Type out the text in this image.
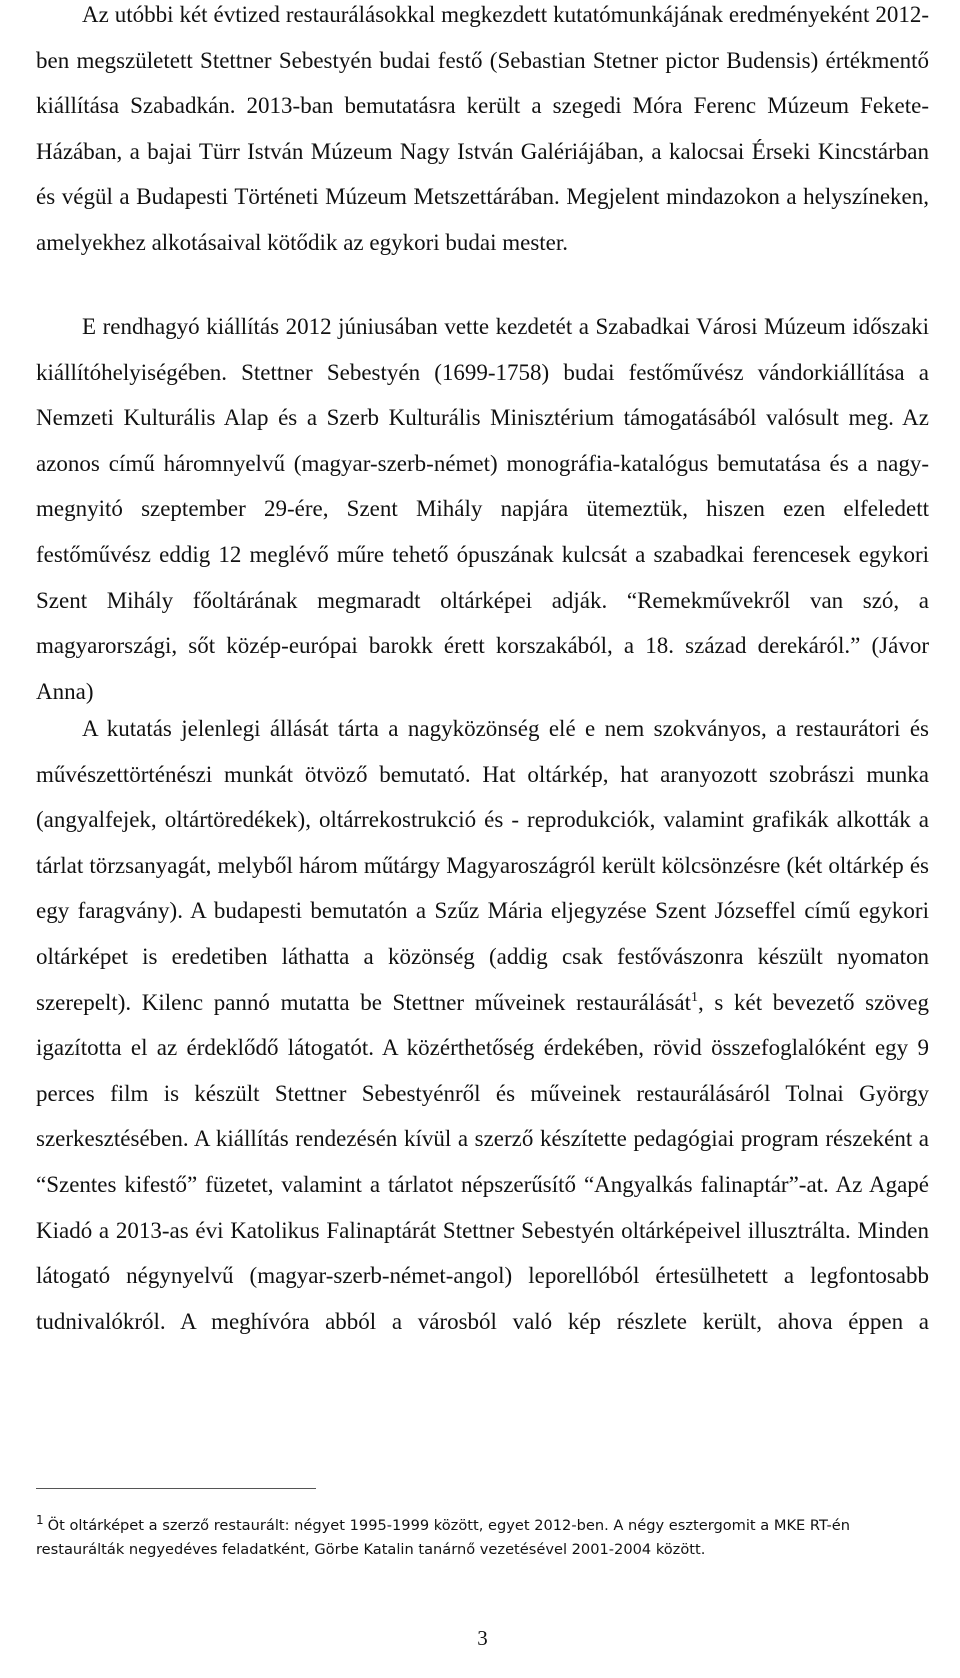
Az utóbbi két évtized restaurálásokkal megkezdett kutatómunkájának eredményeként 2012-ben megszületett Stettner Sebestyén budai festő (Sebastian Stetner pictor Budensis) értékmentő kiállítása Szabadkán. 2013-ban bemutatásra került a szegedi Móra Ferenc Múzeum Fekete-Házában, a bajai Türr István Múzeum Nagy István Galériájában, a kalocsai Érseki Kincstárban és végül a Budapesti Történeti Múzeum Metszettárában. Megjelent mindazokon a helyszíneken, amelyekhez alkotásaival kötődik az egykori budai mester.

E rendhagyó kiállítás 2012 júniusában vette kezdetét a Szabadkai Városi Múzeum időszaki kiállítóhelyiségében. Stettner Sebestyén (1699-1758) budai festőművész vándorkiállítása a Nemzeti Kulturális Alap és a Szerb Kulturális Minisztérium támogatásából valósult meg. Az azonos című háromnyelvű (magyar-szerb-német) monográfia-katalógus bemutatása és a nagy-megnyitó szeptember 29-ére, Szent Mihály napjára ütemeztük, hiszen ezen elfeledett festőművész eddig 12 meglévő műre tehető ópuszának kulcsát a szabadkai ferencesek egykori Szent Mihály főoltárának megmaradt oltárképei adják. “Remekművekről van szó, a magyarországi, sőt közép-európai barokk érett korszakából, a 18. század derekáról.” (Jávor Anna)

A kutatás jelenlegi állását tárta a nagyközönség elé e nem szokványos, a restaurátori és művészettörténészi munkát ötvöző bemutató. Hat oltárkép, hat aranyozott szobrászi munka (angyalfejek, oltártöredékek), oltárrekostrukció és - reprodukciók, valamint grafikák alkották a tárlat törzsanyagát, melyből három műtárgy Magyaroszágról került kölcsönzésre (két oltárkép és egy faragvány). A budapesti bemutatón a Szűz Mária eljegyzése Szent Józseffel című egykori oltárképet is eredetiben láthatta a közönség (addig csak festővászonra készült nyomaton szerepelt). Kilenc pannó mutatta be Stettner műveinek restaurálását$^1$, s két bevezető szöveg igazította el az érdeklődő látogatót. A közérthetőség érdekében, rövid összefoglalóként egy 9 perces film is készült Stettner Sebestyénről és műveinek restaurálásáról Tolnai György szerkesztésében. A kiállítás rendezésén kívül a szerző készítette pedagógiai program részeként a “Szentes kifestő” füzetet, valamint a tárlatot népszerűsítő “Angyalkás falinaptár”-at. Az Agapé Kiadó a 2013-as évi Katolikus Falinaptárát Stettner Sebestyén oltárképeivel illusztrálta. Minden látogató négynyelvű (magyar-szerb-német-angol) leporellóból értesülhetett a legfontosabb tudnivalókról. A meghívóra abból a városból való kép részlete került, ahova éppen a

$^1$ Öt oltárképet a szerző restaurált: négyet 1995-1999 között, egyet 2012-ben. A négy esztergomit a MKE RT-én restaurálták negyedéves feladatként, Görbe Katalin tanárnő vezetésével 2001-2004 között.
3
